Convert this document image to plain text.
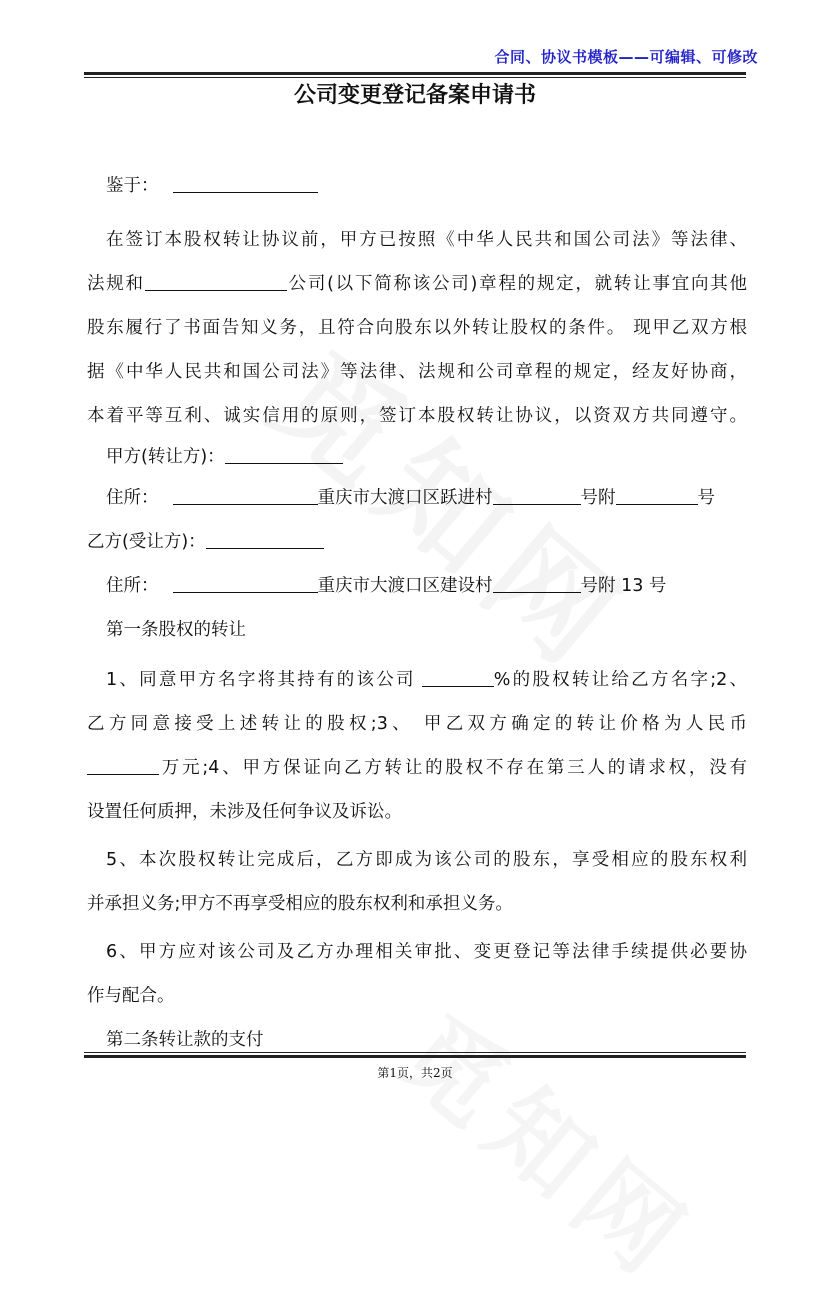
合同、协议书模板——可编辑、可修改
公司变更登记备案申请书
鉴于：
在签订本股权转让协议前，甲方已按照《中华人民共和国公司法》等法律、
法规和	公司(以下简称该公司)章程的规定，就转让事宜向其他
股东履行了书面告知义务，且符合向股东以外转让股权的条件。 现甲乙双方根
据《中华人民共和国公司法》等法律、法规和公司章程的规定，经友好协商，
本着平等互利、诚实信用的原则，签订本股权转让协议，以资双方共同遵守。
甲方(转让方)：
住所：	重庆市大渡口区跃进村	号附	号
乙方(受让方)：
住所：	重庆市大渡口区建设村	号附 13 号
第一条股权的转让
1、同意甲方名字将其持有的该公司	%的股权转让给乙方名字;2、
乙方同意接受上述转让的股权;3、 甲乙双方确定的转让价格为人民币
万元;4、甲方保证向乙方转让的股权不存在第三人的请求权，没有
设置任何质押，未涉及任何争议及诉讼。
5、本次股权转让完成后，乙方即成为该公司的股东，享受相应的股东权利
并承担义务;甲方不再享受相应的股东权利和承担义务。
6、甲方应对该公司及乙方办理相关审批、变更登记等法律手续提供必要协
作与配合。
第二条转让款的支付
第1页，共2页
